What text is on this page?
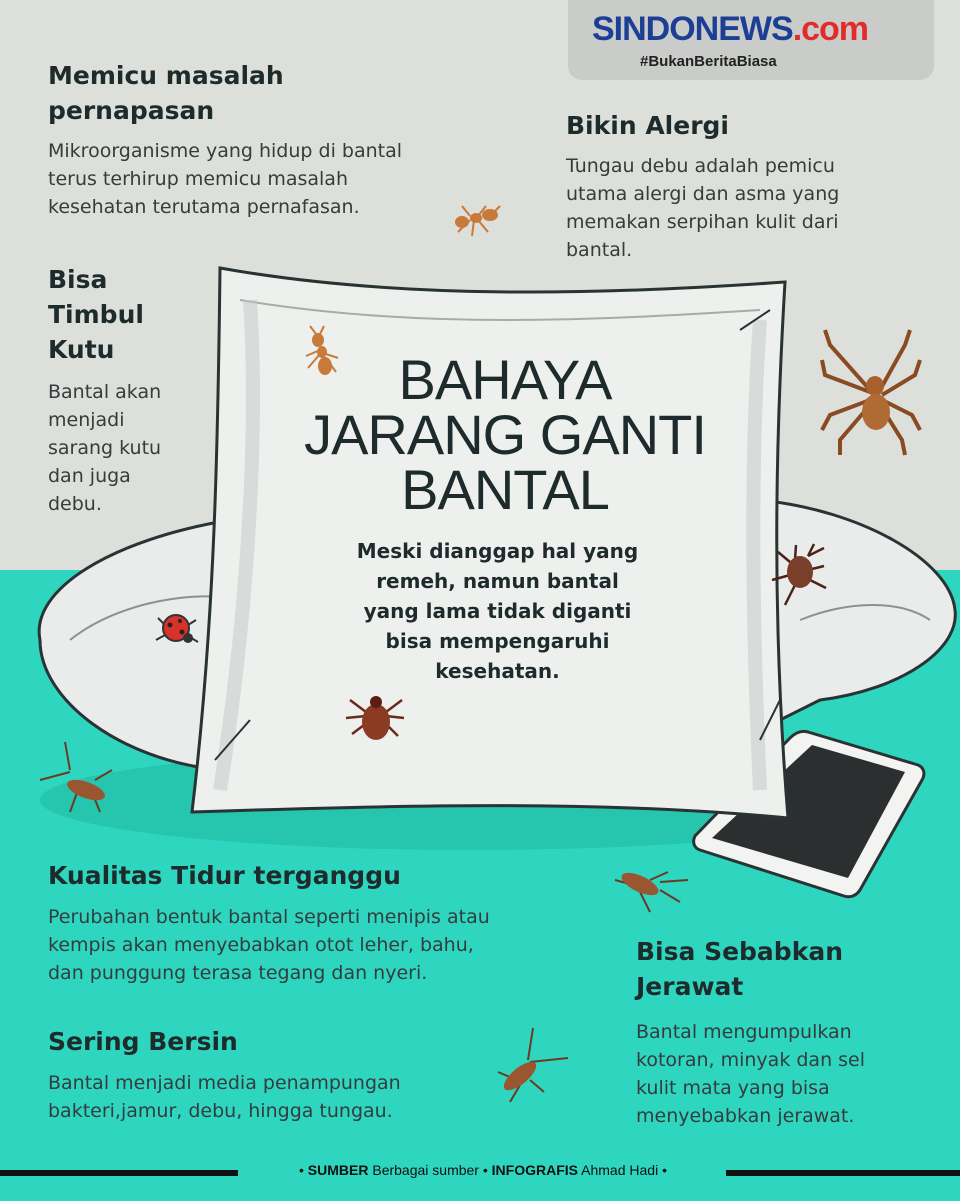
SINDONEWS.com
#BukanBeritaBiasa
Memicu masalah
pernapasan
Mikroorganisme yang hidup di bantal
terus terhirup memicu masalah
kesehatan terutama pernafasan.
Bikin Alergi
Tungau debu adalah pemicu
utama alergi dan asma yang
memakan serpihan kulit dari
bantal.
Bisa
Timbul
Kutu
Bantal akan
menjadi
sarang kutu
dan juga
debu.
BAHAYA
JARANG GANTI
BANTAL
Meski dianggap hal yang
remeh, namun bantal
yang lama tidak diganti
bisa mempengaruhi
kesehatan.
Kualitas Tidur terganggu
Perubahan bentuk bantal seperti menipis atau
kempis akan menyebabkan otot leher, bahu,
dan punggung terasa tegang dan nyeri.
Sering Bersin
Bantal menjadi media penampungan
bakteri,jamur, debu, hingga tungau.
Bisa Sebabkan
Jerawat
Bantal mengumpulkan
kotoran, minyak dan sel
kulit mata yang bisa
menyebabkan jerawat.
• SUMBER Berbagai sumber • INFOGRAFIS Ahmad Hadi •
